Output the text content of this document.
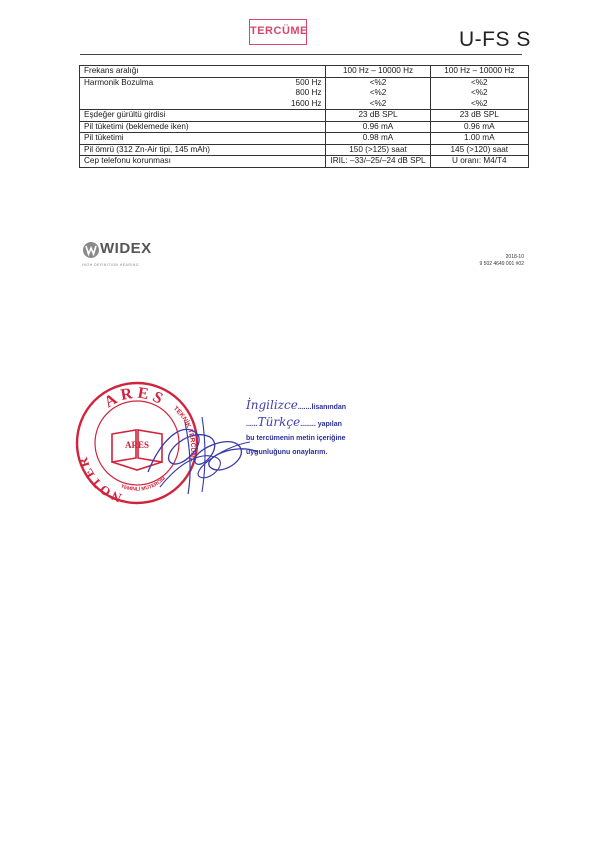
TERCÜME	U-FS S
Frekans aralığı	100 Hz – 10000 Hz	100 Hz – 10000 Hz
Harmonik Bozulma 500 Hz	<%2	<%2

800 Hz	<%2	<%2

1600 Hz	<%2	<%2
Eşdeğer gürültü girdisi	23 dB SPL	23 dB SPL
Pil tüketimi (beklemede iken)	0.96 mA	0.96 mA
Pil tüketimi	0.98 mA	1.00 mA
Pil ömrü (312 Zn-Air tipi, 145 mAh)	150 (>125) saat	145 (>120) saat
Cep telefonu korunması	IRIL: –33/–25/–24 dB SPL	U oranı: M4/T4
WIDEX
HIGH DEFINITION HEARING
2018-10
9 502 4649 001 #02
ARES
NOTER
TEKNİK TERCÜME
YEMİNLİ MÜTERCİM
ARES
İngilizce.......lisanından
......Türkçe........ yapılan
bu tercümenin metin içeriğine
uygunluğunu onaylarım.
